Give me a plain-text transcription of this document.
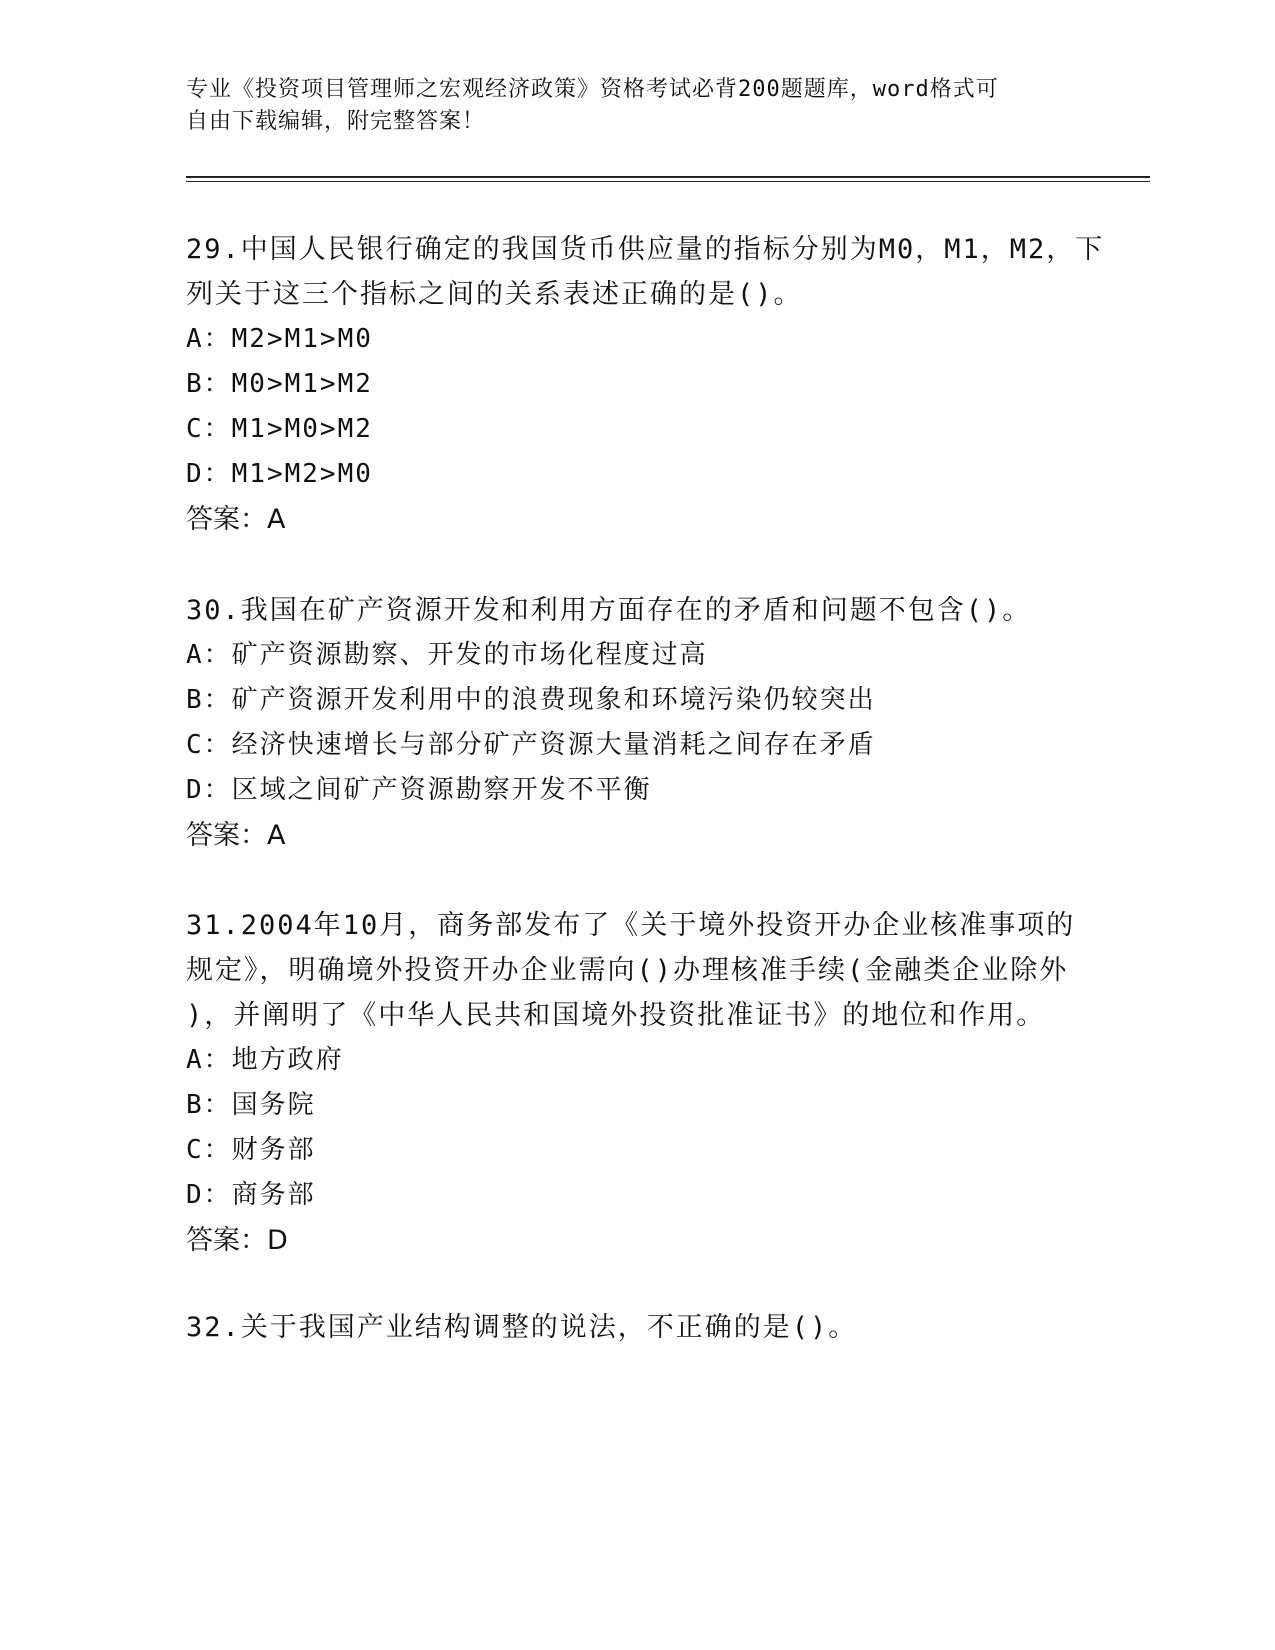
专业《投资项目管理师之宏观经济政策》资格考试必背200题题库，word格式可

自由下载编辑，附完整答案！

29.中国人民银行确定的我国货币供应量的指标分别为M0，M1，M2，下

列关于这三个指标之间的关系表述正确的是()。

A：M2>M1>M0

B：M0>M1>M2

C：M1>M0>M2

D：M1>M2>M0

答案：A

30.我国在矿产资源开发和利用方面存在的矛盾和问题不包含()。

A：矿产资源勘察、开发的市场化程度过高

B：矿产资源开发利用中的浪费现象和环境污染仍较突出

C：经济快速增长与部分矿产资源大量消耗之间存在矛盾

D：区域之间矿产资源勘察开发不平衡

答案：A

31.2004年10月，商务部发布了《关于境外投资开办企业核准事项的

规定》，明确境外投资开办企业需向()办理核准手续(金融类企业除外

)，并阐明了《中华人民共和国境外投资批准证书》的地位和作用。

A：地方政府

B：国务院

C：财务部

D：商务部

答案：D

32.关于我国产业结构调整的说法，不正确的是()。
